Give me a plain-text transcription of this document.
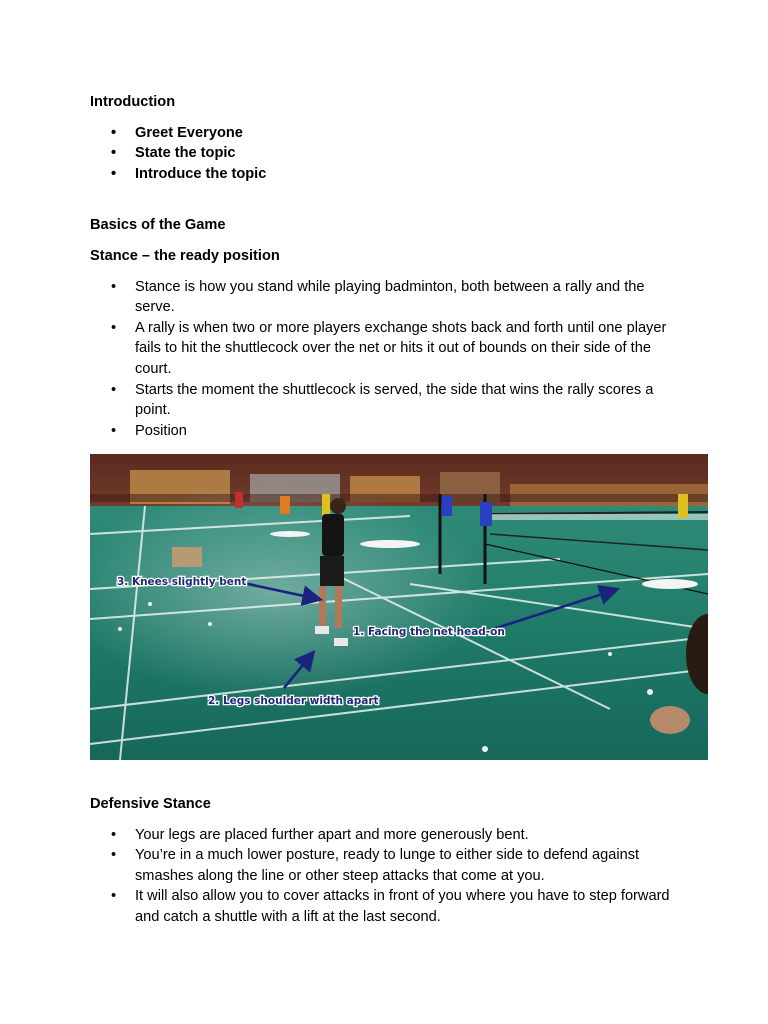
Introduction

• Greet Everyone
• State the topic
• Introduce the topic

Basics of the Game

Stance – the ready position

• Stance is how you stand while playing badminton, both between a rally and the serve.
• A rally is when two or more players exchange shots back and forth until one player fails to hit the shuttlecock over the net or hits it out of bounds on their side of the court.
• Starts the moment the shuttlecock is served, the side that wins the rally scores a point.
• Position
3. Knees slightly bent
1. Facing the net head-on
2. Legs shoulder width apart

Defensive Stance

• Your legs are placed further apart and more generously bent.
• You’re in a much lower posture, ready to lunge to either side to defend against smashes along the line or other steep attacks that come at you.
• It will also allow you to cover attacks in front of you where you have to step forward and catch a shuttle with a lift at the last second.
